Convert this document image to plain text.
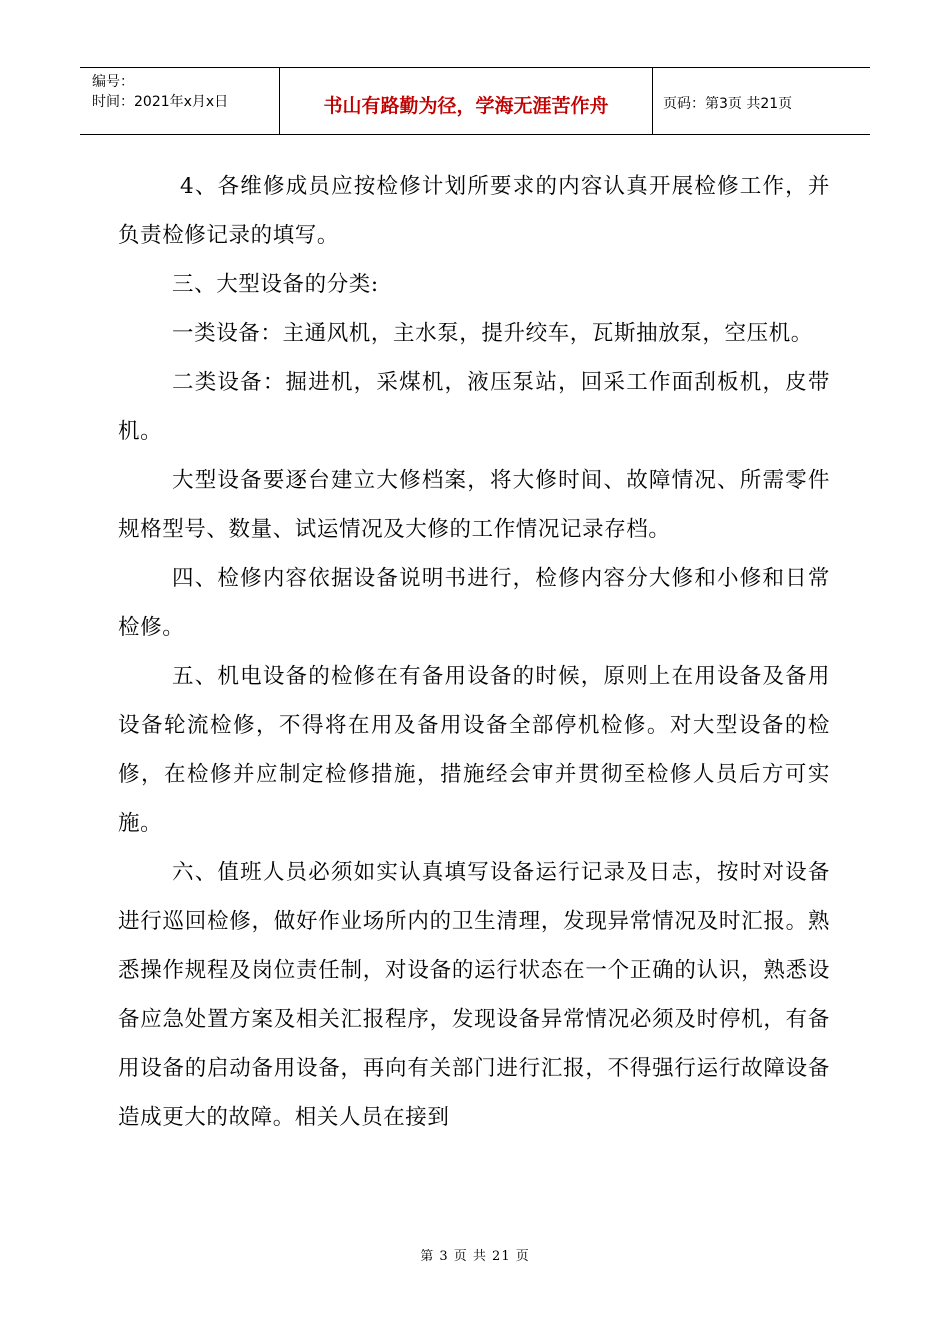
编号：
时间：2021年x月x日	书山有路勤为径，学海无涯苦作舟	页码：第3页 共21页

4、各维修成员应按检修计划所要求的内容认真开展检修工作，并负责检修记录的填写。

三、大型设备的分类:

一类设备：主通风机，主水泵，提升绞车，瓦斯抽放泵，空压机。

二类设备：掘进机，采煤机，液压泵站，回采工作面刮板机，皮带机。

大型设备要逐台建立大修档案，将大修时间、故障情况、所需零件规格型号、数量、试运情况及大修的工作情况记录存档。

四、检修内容依据设备说明书进行，检修内容分大修和小修和日常检修。

五、机电设备的检修在有备用设备的时候，原则上在用设备及备用设备轮流检修，不得将在用及备用设备全部停机检修。对大型设备的检修，在检修并应制定检修措施，措施经会审并贯彻至检修人员后方可实施。

六、值班人员必须如实认真填写设备运行记录及日志，按时对设备进行巡回检修，做好作业场所内的卫生清理，发现异常情况及时汇报。熟悉操作规程及岗位责任制，对设备的运行状态在一个正确的认识，熟悉设备应急处置方案及相关汇报程序，发现设备异常情况必须及时停机，有备用设备的启动备用设备，再向有关部门进行汇报，不得强行运行故障设备造成更大的故障。相关人员在接到

第 3 页 共 21 页
